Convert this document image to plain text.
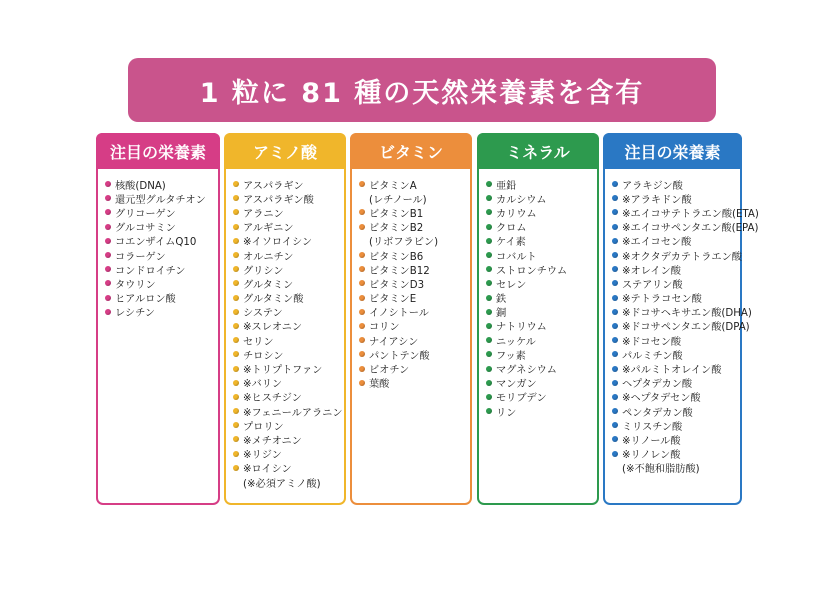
1 粒に 81 種の天然栄養素を含有
注目の栄養素
核酸(DNA)
還元型グルタチオン
グリコーゲン
グルコサミン
コエンザイムQ10
コラーゲン
コンドロイチン
タウリン
ヒアルロン酸
レシチン
アミノ酸
アスパラギン
アスパラギン酸
アラニン
アルギニン
※イソロイシン
オルニチン
グリシン
グルタミン
グルタミン酸
システン
※スレオニン
セリン
チロシン
※トリプトファン
※バリン
※ヒスチジン
※フェニールアラニン
プロリン
※メチオニン
※リジン
※ロイシン
(※必須アミノ酸)
ビタミン
ビタミンA
(レチノール)
ビタミンB1
ビタミンB2
(リボフラビン)
ビタミンB6
ビタミンB12
ビタミンD3
ビタミンE
イノシトール
コリン
ナイアシン
パントテン酸
ビオチン
葉酸
ミネラル
亜鉛
カルシウム
カリウム
クロム
ケイ素
コバルト
ストロンチウム
セレン
鉄
銅
ナトリウム
ニッケル
フッ素
マグネシウム
マンガン
モリブデン
リン
注目の栄養素
アラキジン酸
※アラキドン酸
※エイコサテトラエン酸(ETA)
※エイコサペンタエン酸(EPA)
※エイコセン酸
※オクタデカテトラエン酸
※オレイン酸
ステアリン酸
※テトラコセン酸
※ドコサヘキサエン酸(DHA)
※ドコサペンタエン酸(DPA)
※ドコセン酸
パルミチン酸
※パルミトオレイン酸
ヘプタデカン酸
※ヘプタデセン酸
ペンタデカン酸
ミリスチン酸
※リノール酸
※リノレン酸
(※不飽和脂肪酸)
